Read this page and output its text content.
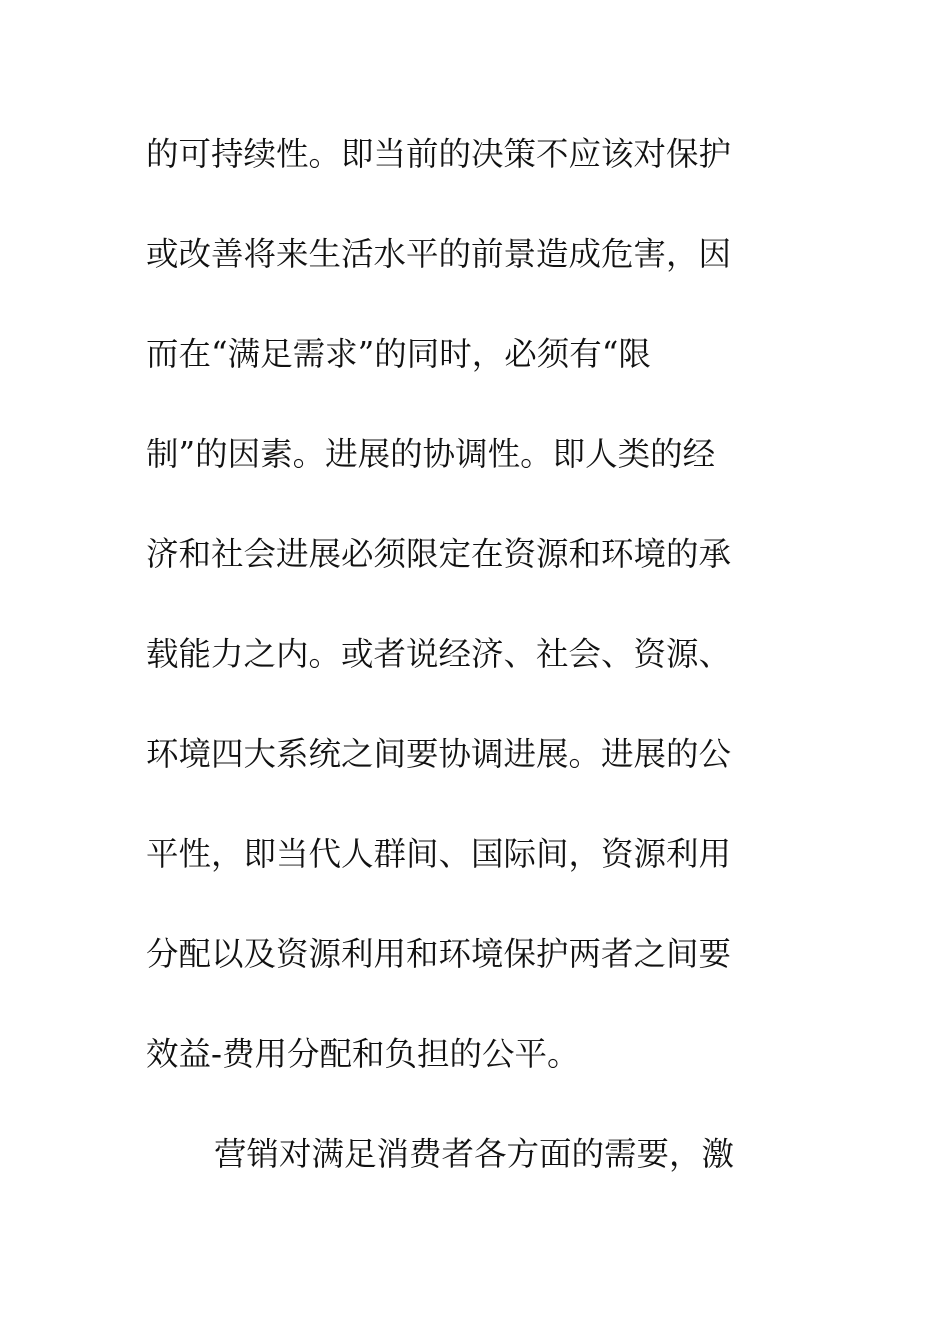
的可持续性。即当前的决策不应该对保护
或改善将来生活水平的前景造成危害，因
而在“满足需求”的同时，必须有“限
制”的因素。进展的协调性。即人类的经
济和社会进展必须限定在资源和环境的承
载能力之内。或者说经济、社会、资源、
环境四大系统之间要协调进展。进展的公
平性，即当代人群间、国际间，资源利用
分配以及资源利用和环境保护两者之间要
效益-费用分配和负担的公平。
营销对满足消费者各方面的需要，激
